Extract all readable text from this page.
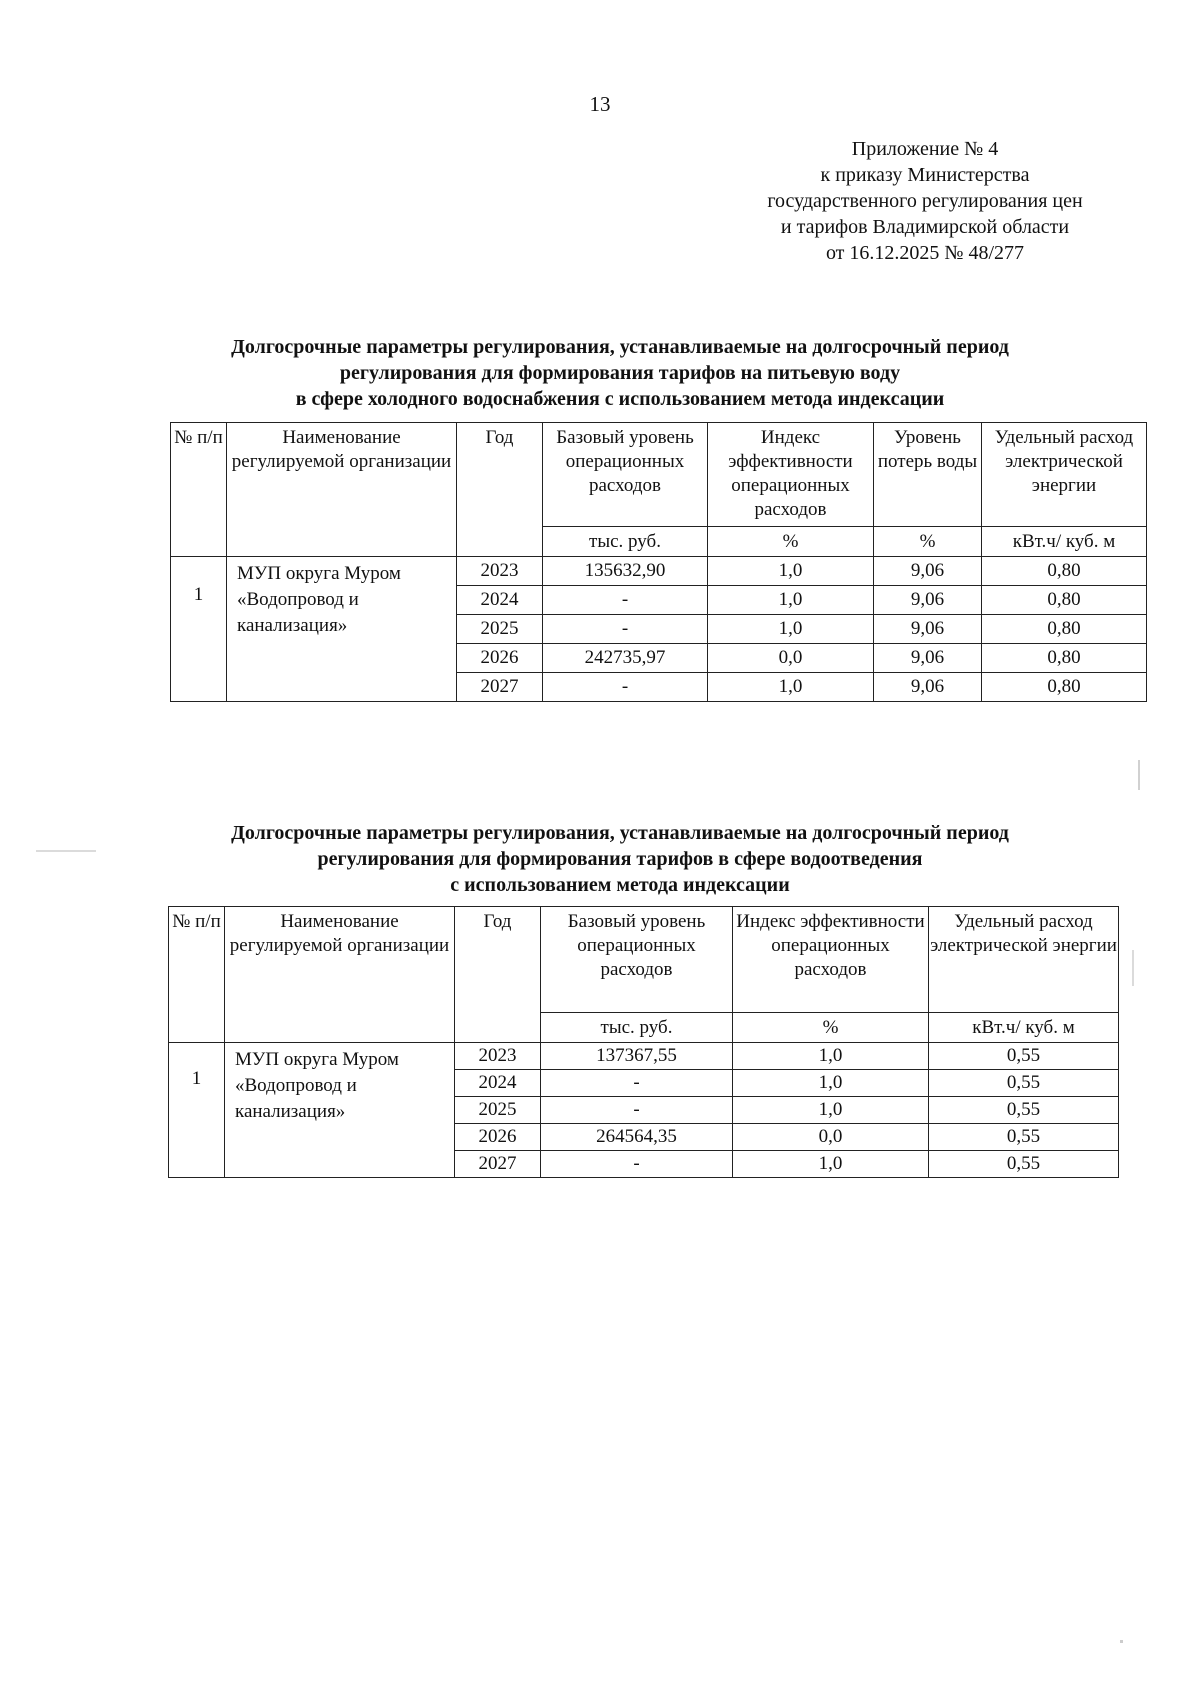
13
Приложение № 4
к приказу Министерства
государственного регулирования цен
и тарифов Владимирской области
от 16.12.2025 № 48/277
Долгосрочные параметры регулирования, устанавливаемые на долгосрочный период
регулирования для формирования тарифов на питьевую воду
в сфере холодного водоснабжения с использованием метода индексации
№ п/п	Наименование регулируемой организации	Год	Базовый уровень операционных расходов	Индекс эффективности операционных расходов	Уровень потерь воды	Удельный расход электрической энергии
			тыс. руб.	%	%	кВт.ч/ куб. м
1	МУП округа Муром «Водопровод и канализация»	2023	135632,90	1,0	9,06	0,80
		2024	-	1,0	9,06	0,80
		2025	-	1,0	9,06	0,80
		2026	242735,97	0,0	9,06	0,80
		2027	-	1,0	9,06	0,80
Долгосрочные параметры регулирования, устанавливаемые на долгосрочный период
регулирования для формирования тарифов в сфере водоотведения
с использованием метода индексации
№ п/п	Наименование регулируемой организации	Год	Базовый уровень операционных расходов	Индекс эффективности операционных расходов	Удельный расход электрической энергии
			тыс. руб.	%	кВт.ч/ куб. м
1	МУП округа Муром «Водопровод и канализация»	2023	137367,55	1,0	0,55
		2024	-	1,0	0,55
		2025	-	1,0	0,55
		2026	264564,35	0,0	0,55
		2027	-	1,0	0,55
